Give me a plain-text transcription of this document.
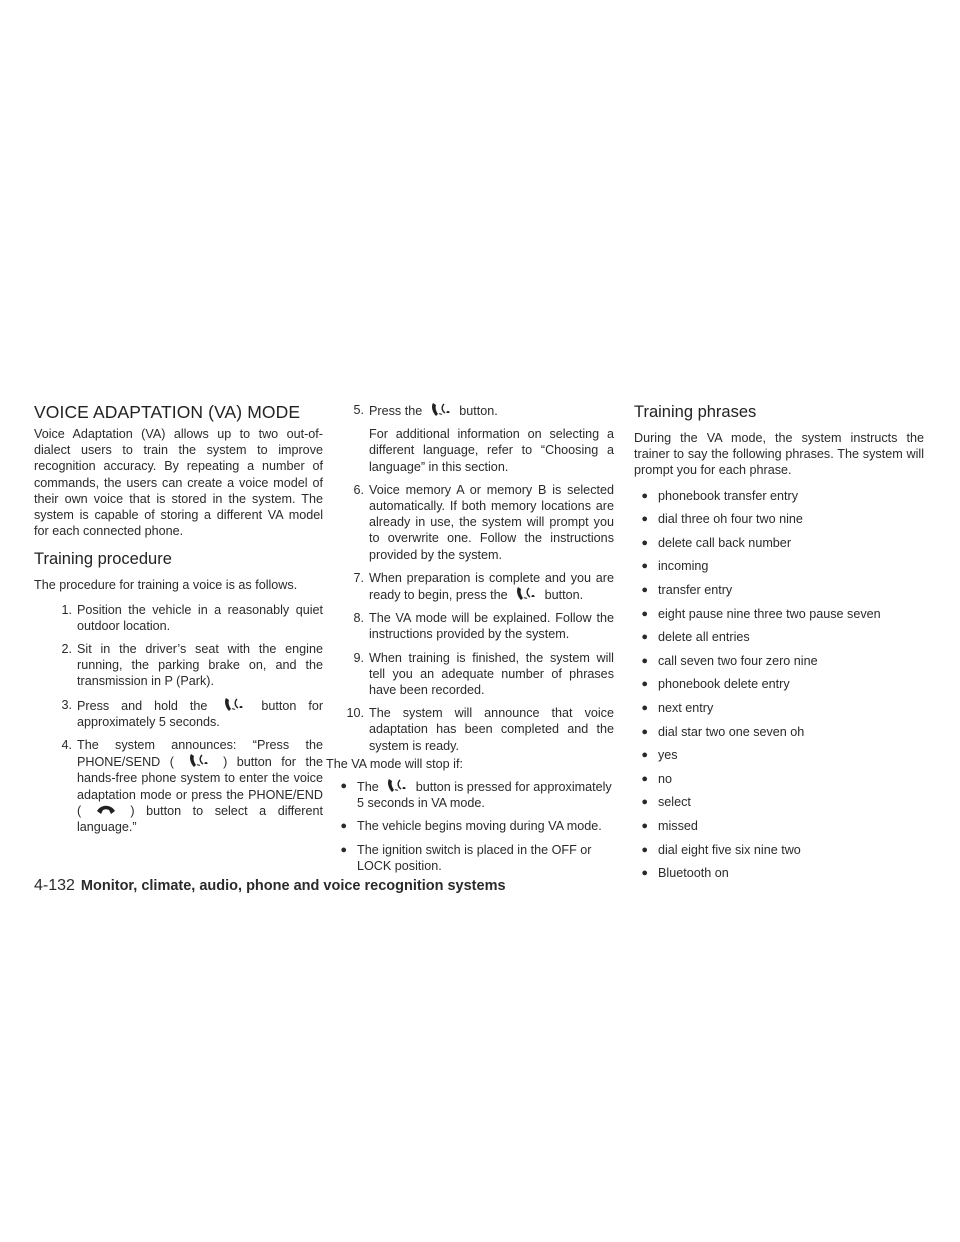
VOICE ADAPTATION (VA) MODE

Voice Adaptation (VA) allows up to two out-of-dialect users to train the system to improve recognition accuracy. By repeating a number of commands, the users can create a voice model of their own voice that is stored in the system. The system is capable of storing a different VA model for each connected phone.

Training procedure

The procedure for training a voice is as follows.

1. Position the vehicle in a reasonably quiet outdoor location.
2. Sit in the driver’s seat with the engine running, the parking brake on, and the transmission in P (Park).
3. Press and hold the	button for approximately 5 seconds.
4. The system announces: “Press the PHONE/SEND (	) button for the hands-free phone system to enter the voice adaptation mode or press the PHONE/END (	) button to select a different language.”
5. Press the	button.

For additional information on selecting a different language, refer to “Choosing a language” in this section.

6. Voice memory A or memory B is selected automatically. If both memory locations are already in use, the system will prompt you to overwrite one. Follow the instructions provided by the system.
7. When preparation is complete and you are ready to begin, press the	button.
8. The VA mode will be explained. Follow the instructions provided by the system.
9. When training is finished, the system will tell you an adequate number of phrases have been recorded.
10. The system will announce that voice adaptation has been completed and the system is ready.

The VA mode will stop if:

● The	button is pressed for approximately 5 seconds in VA mode.
● The vehicle begins moving during VA mode.
● The ignition switch is placed in the OFF or LOCK position.
Training phrases

During the VA mode, the system instructs the trainer to say the following phrases. The system will prompt you for each phrase.

● phonebook transfer entry
● dial three oh four two nine
● delete call back number
● incoming
● transfer entry
● eight pause nine three two pause seven
● delete all entries
● call seven two four zero nine
● phonebook delete entry
● next entry
● dial star two one seven oh
● yes
● no
● select
● missed
● dial eight five six nine two
● Bluetooth on
4-132 Monitor, climate, audio, phone and voice recognition systems
